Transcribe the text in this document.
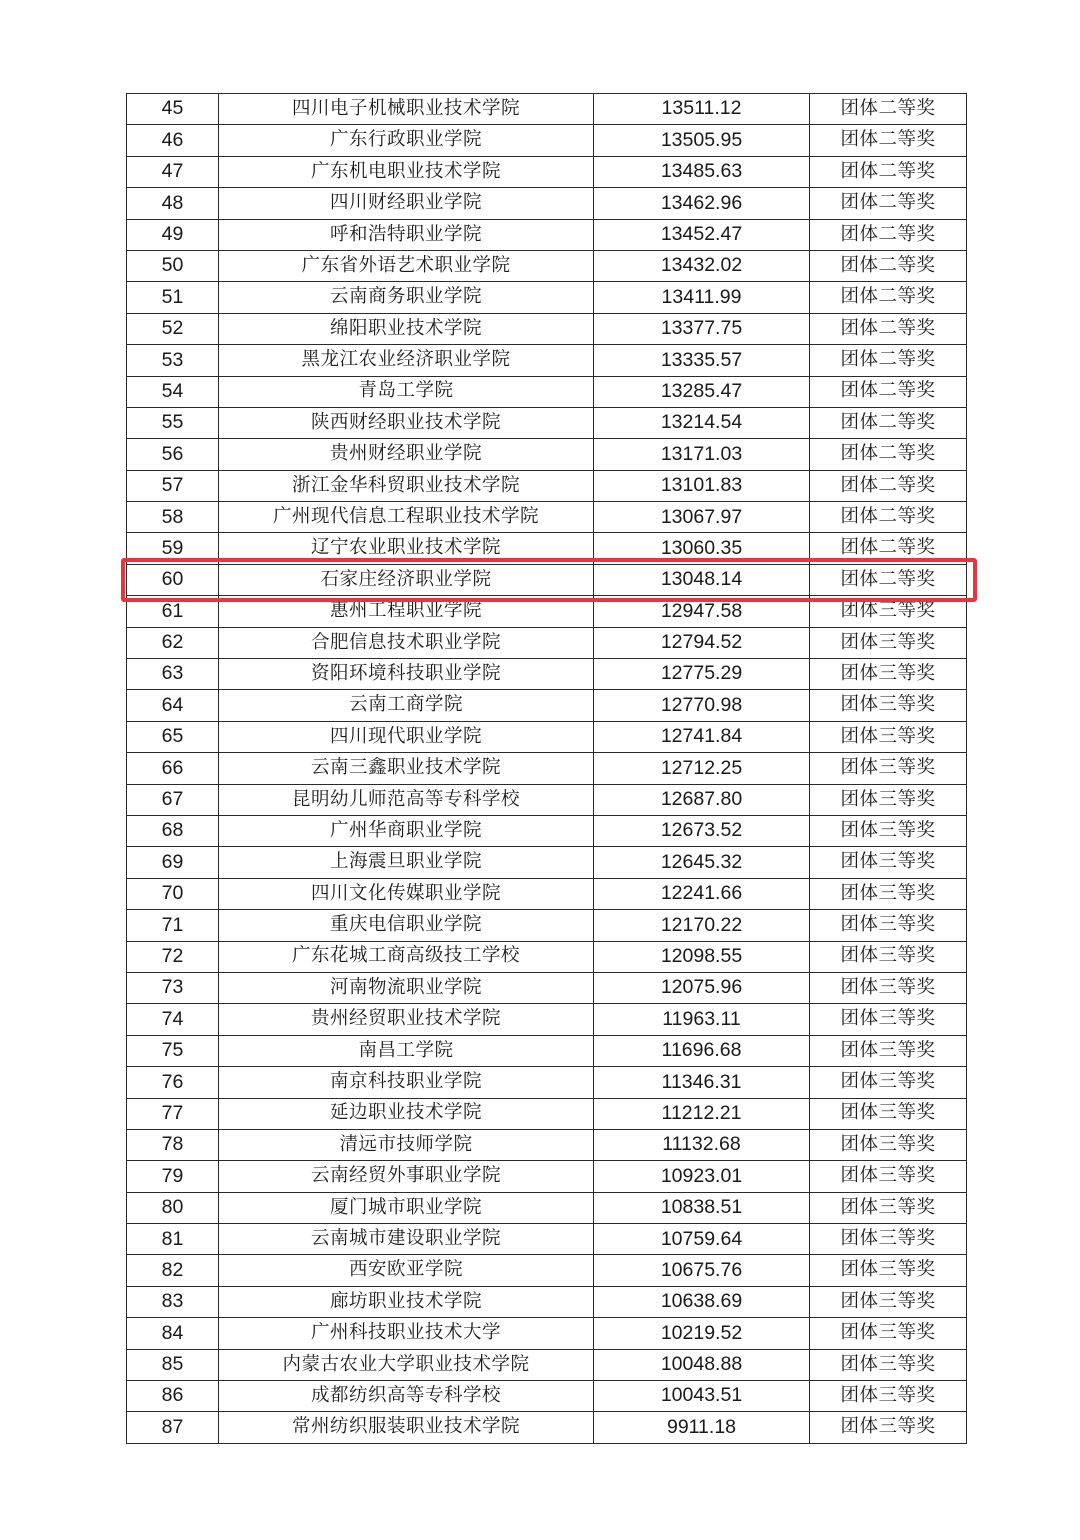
45	四川电子机械职业技术学院	13511.12	团体二等奖
46	广东行政职业学院	13505.95	团体二等奖
47	广东机电职业技术学院	13485.63	团体二等奖
48	四川财经职业学院	13462.96	团体二等奖
49	呼和浩特职业学院	13452.47	团体二等奖
50	广东省外语艺术职业学院	13432.02	团体二等奖
51	云南商务职业学院	13411.99	团体二等奖
52	绵阳职业技术学院	13377.75	团体二等奖
53	黑龙江农业经济职业学院	13335.57	团体二等奖
54	青岛工学院	13285.47	团体二等奖
55	陕西财经职业技术学院	13214.54	团体二等奖
56	贵州财经职业学院	13171.03	团体二等奖
57	浙江金华科贸职业技术学院	13101.83	团体二等奖
58	广州现代信息工程职业技术学院	13067.97	团体二等奖
59	辽宁农业职业技术学院	13060.35	团体二等奖
60	石家庄经济职业学院	13048.14	团体二等奖
61	惠州工程职业学院	12947.58	团体三等奖
62	合肥信息技术职业学院	12794.52	团体三等奖
63	资阳环境科技职业学院	12775.29	团体三等奖
64	云南工商学院	12770.98	团体三等奖
65	四川现代职业学院	12741.84	团体三等奖
66	云南三鑫职业技术学院	12712.25	团体三等奖
67	昆明幼儿师范高等专科学校	12687.80	团体三等奖
68	广州华商职业学院	12673.52	团体三等奖
69	上海震旦职业学院	12645.32	团体三等奖
70	四川文化传媒职业学院	12241.66	团体三等奖
71	重庆电信职业学院	12170.22	团体三等奖
72	广东花城工商高级技工学校	12098.55	团体三等奖
73	河南物流职业学院	12075.96	团体三等奖
74	贵州经贸职业技术学院	11963.11	团体三等奖
75	南昌工学院	11696.68	团体三等奖
76	南京科技职业学院	11346.31	团体三等奖
77	延边职业技术学院	11212.21	团体三等奖
78	清远市技师学院	11132.68	团体三等奖
79	云南经贸外事职业学院	10923.01	团体三等奖
80	厦门城市职业学院	10838.51	团体三等奖
81	云南城市建设职业学院	10759.64	团体三等奖
82	西安欧亚学院	10675.76	团体三等奖
83	廊坊职业技术学院	10638.69	团体三等奖
84	广州科技职业技术大学	10219.52	团体三等奖
85	内蒙古农业大学职业技术学院	10048.88	团体三等奖
86	成都纺织高等专科学校	10043.51	团体三等奖
87	常州纺织服装职业技术学院	9911.18	团体三等奖
